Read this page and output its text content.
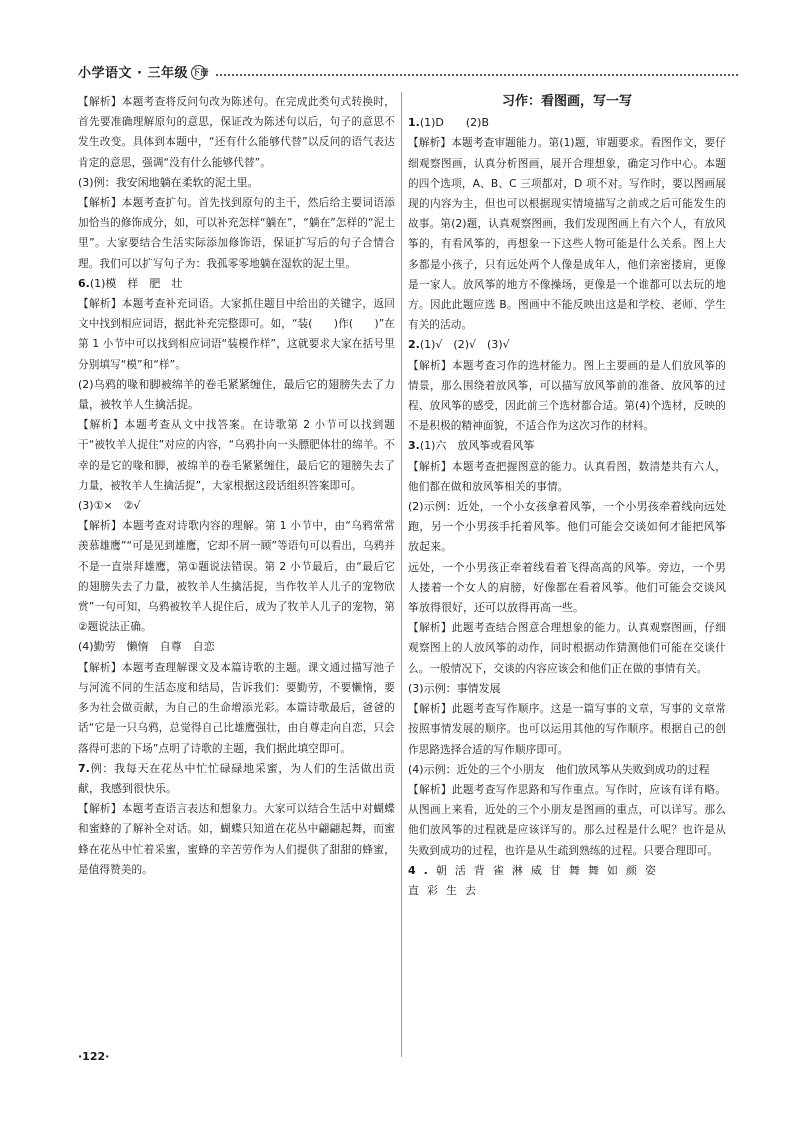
小学语文 · 三年级 下册

【解析】本题考查将反问句改为陈述句。在完成此类句式转换时，首先要准确理解原句的意思，保证改为陈述句以后，句子的意思不发生改变。具体到本题中，“还有什么能够代替”以反问的语气表达肯定的意思，强调“没有什么能够代替”。

(3)例：我安闲地躺在柔软的泥土里。

【解析】本题考查扩句。首先找到原句的主干，然后给主要词语添加恰当的修饰成分，如，可以补充怎样“躺在”，“躺在”怎样的“泥土里”。大家要结合生活实际添加修饰语，保证扩写后的句子合情合理。我们可以扩写句子为：我孤零零地躺在湿软的泥土里。

6.(1)模　样　肥　壮

【解析】本题考查补充词语。大家抓住题目中给出的关键字，返回文中找到相应词语，据此补充完整即可。如，“装(　　)作(　　)”在第 1 小节中可以找到相应词语“装模作样”，这就要求大家在括号里分别填写“模”和“样”。

(2)乌鸦的喙和脚被绵羊的卷毛紧紧缠住，最后它的翅膀失去了力量，被牧羊人生擒活捉。

【解析】本题考查从文中找答案。在诗歌第 2 小节可以找到题干“被牧羊人捉住”对应的内容，“乌鸦扑向一头膘肥体壮的绵羊。不幸的是它的喙和脚，被绵羊的卷毛紧紧缠住，最后它的翅膀失去了力量，被牧羊人生擒活捉”，大家根据这段话组织答案即可。

(3)①×　②√

【解析】本题考查对诗歌内容的理解。第 1 小节中，由“乌鸦常常羡慕雄鹰”“可是见到雄鹰，它却不屑一顾”等语句可以看出，乌鸦并不是一直崇拜雄鹰，第①题说法错误。第 2 小节最后，由“最后它的翅膀失去了力量，被牧羊人生擒活捉，当作牧羊人儿子的宠物欣赏”一句可知，乌鸦被牧羊人捉住后，成为了牧羊人儿子的宠物，第②题说法正确。

(4)勤劳　懒惰　自尊　自恋

【解析】本题考查理解课文及本篇诗歌的主题。课文通过描写池子与河流不同的生活态度和结局，告诉我们：要勤劳，不要懒惰，要多为社会做贡献，为自己的生命增添光彩。本篇诗歌最后，爸爸的话“它是一只乌鸦，总觉得自己比雄鹰强壮，由自尊走向自恋，只会落得可悲的下场”点明了诗歌的主题，我们据此填空即可。

7.例：我每天在花丛中忙忙碌碌地采蜜，为人们的生活做出贡献，我感到很快乐。

【解析】本题考查语言表达和想象力。大家可以结合生活中对蝴蝶和蜜蜂的了解补全对话。如，蝴蝶只知道在花丛中翩翩起舞，而蜜蜂在花丛中忙着采蜜，蜜蜂的辛苦劳作为人们提供了甜甜的蜂蜜，是值得赞美的。

习作：看图画，写一写

1.(1)D　　(2)B

【解析】本题考查审题能力。第(1)题，审题要求。看图作文，要仔细观察图画，认真分析图画，展开合理想象，确定习作中心。本题的四个选项，A、B、C 三项都对，D 项不对。写作时，要以图画展现的内容为主，但也可以根据现实情境描写之前或之后可能发生的故事。第(2)题，认真观察图画，我们发现图画上有六个人，有放风筝的，有看风筝的，再想象一下这些人物可能是什么关系。图上大多都是小孩子，只有远处两个人像是成年人，他们亲密搂肩，更像是一家人。放风筝的地方不像操场，更像是一个谁都可以去玩的地方。因此此题应选 B。图画中不能反映出这是和学校、老师、学生有关的活动。

2.(1)√　(2)√　(3)√

【解析】本题考查习作的选材能力。图上主要画的是人们放风筝的情景，那么围绕着放风筝，可以描写放风筝前的准备、放风筝的过程、放风筝的感受，因此前三个选材都合适。第(4)个选材，反映的不是积极的精神面貌，不适合作为这次习作的材料。

3.(1)六　放风筝或看风筝

【解析】本题考查把握图意的能力。认真看图，数清楚共有六人，他们都在做和放风筝相关的事情。

(2)示例：近处，一个小女孩拿着风筝，一个小男孩牵着线向远处跑，另一个小男孩手托着风筝。他们可能会交谈如何才能把风筝放起来。

远处，一个小男孩正牵着线看着飞得高高的风筝。旁边，一个男人搂着一个女人的肩膀，好像都在看着风筝。他们可能会交谈风筝放得很好，还可以放得再高一些。

【解析】此题考查结合图意合理想象的能力。认真观察图画，仔细观察图上的人放风筝的动作，同时根据动作猜测他们可能在交谈什么。一般情况下，交谈的内容应该会和他们正在做的事情有关。

(3)示例：事情发展

【解析】此题考查写作顺序。这是一篇写事的文章，写事的文章常按照事情发展的顺序。也可以运用其他的写作顺序。根据自己的创作思路选择合适的写作顺序即可。

(4)示例：近处的三个小朋友　他们放风筝从失败到成功的过程

【解析】此题考查写作思路和写作重点。写作时，应该有详有略。从图画上来看，近处的三个小朋友是图画的重点，可以详写。那么他们放风筝的过程就是应该详写的。那么过程是什么呢？也许是从失败到成功的过程，也许是从生疏到熟练的过程。只要合理即可。

4.朝活背雀淋威甘舞舞如颜姿

直彩生去

·122·
